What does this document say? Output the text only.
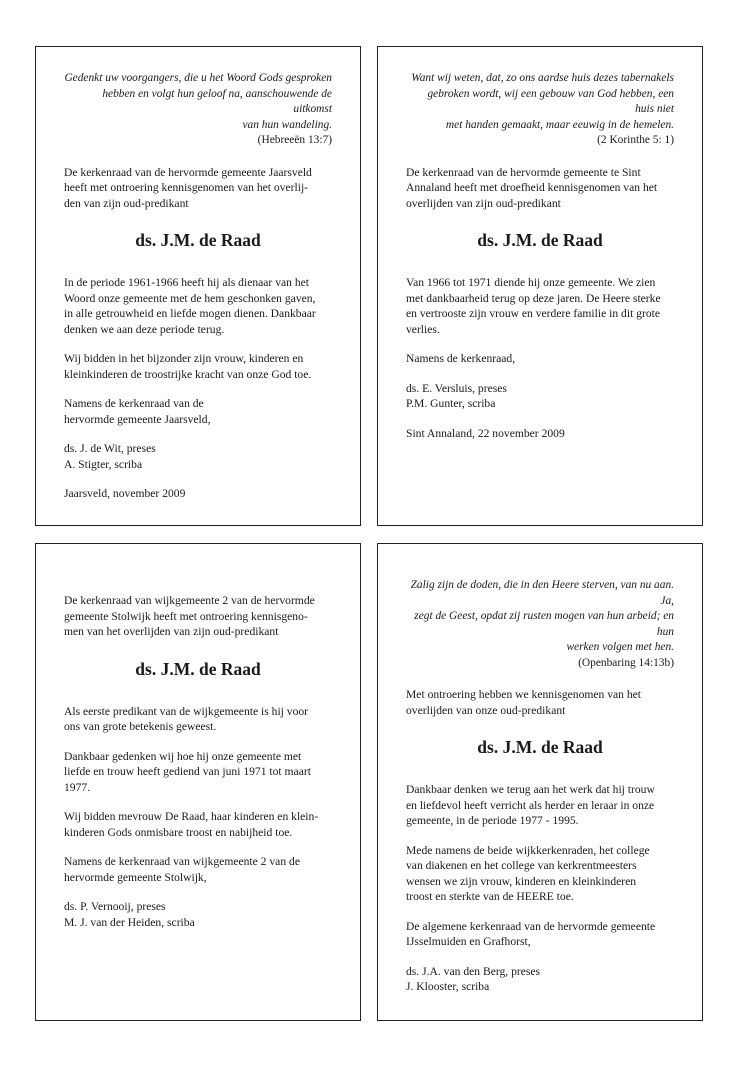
Gedenkt uw voorgangers, die u het Woord Gods gesproken
hebben en volgt hun geloof na, aanschouwende de uitkomst
van hun wandeling.

(Hebreeën 13:7)

De kerkenraad van de hervormde gemeente Jaarsveld
heeft met ontroering kennisgenomen van het overlij-
den van zijn oud-predikant

ds. J.M. de Raad

In de periode 1961-1966 heeft hij als dienaar van het
Woord onze gemeente met de hem geschonken gaven,
in alle getrouwheid en liefde mogen dienen. Dankbaar
denken we aan deze periode terug.

Wij bidden in het bijzonder zijn vrouw, kinderen en
kleinkinderen de troostrijke kracht van onze God toe.

Namens de kerkenraad van de
hervormde gemeente Jaarsveld,

ds. J. de Wit, preses
A. Stigter, scriba

Jaarsveld, november 2009

Want wij weten, dat, zo ons aardse huis dezes tabernakels
gebroken wordt, wij een gebouw van God hebben, een huis niet
met handen gemaakt, maar eeuwig in de hemelen.

(2 Korinthe 5: 1)

De kerkenraad van de hervormde gemeente te Sint
Annaland heeft met droefheid kennisgenomen van het
overlijden van zijn oud-predikant

ds. J.M. de Raad

Van 1966 tot 1971 diende hij onze gemeente. We zien
met dankbaarheid terug op deze jaren. De Heere sterke
en vertrooste zijn vrouw en verdere familie in dit grote
verlies.

Namens de kerkenraad,

ds. E. Versluis, preses
P.M. Gunter, scriba

Sint Annaland, 22 november 2009

De kerkenraad van wijkgemeente 2 van de hervormde
gemeente Stolwijk heeft met ontroering kennisgeno-
men van het overlijden van zijn oud-predikant

ds. J.M. de Raad

Als eerste predikant van de wijkgemeente is hij voor
ons van grote betekenis geweest.

Dankbaar gedenken wij hoe hij onze gemeente met
liefde en trouw heeft gediend van juni 1971 tot maart
1977.

Wij bidden mevrouw De Raad, haar kinderen en klein-
kinderen Gods onmisbare troost en nabijheid toe.

Namens de kerkenraad van wijkgemeente 2 van de
hervormde gemeente Stolwijk,

ds. P. Vernooij, preses
M. J. van der Heiden, scriba

Zalig zijn de doden, die in den Heere sterven, van nu aan. Ja,
zegt de Geest, opdat zij rusten mogen van hun arbeid; en hun
werken volgen met hen.

(Openbaring 14:13b)

Met ontroering hebben we kennisgenomen van het
overlijden van onze oud-predikant

ds. J.M. de Raad

Dankbaar denken we terug aan het werk dat hij trouw
en liefdevol heeft verricht als herder en leraar in onze
gemeente, in de periode 1977 - 1995.

Mede namens de beide wijkkerkenraden, het college
van diakenen en het college van kerkrentmeesters
wensen we zijn vrouw, kinderen en kleinkinderen
troost en sterkte van de HEERE toe.

De algemene kerkenraad van de hervormde gemeente
IJsselmuiden en Grafhorst,

ds. J.A. van den Berg, preses
J. Klooster, scriba
